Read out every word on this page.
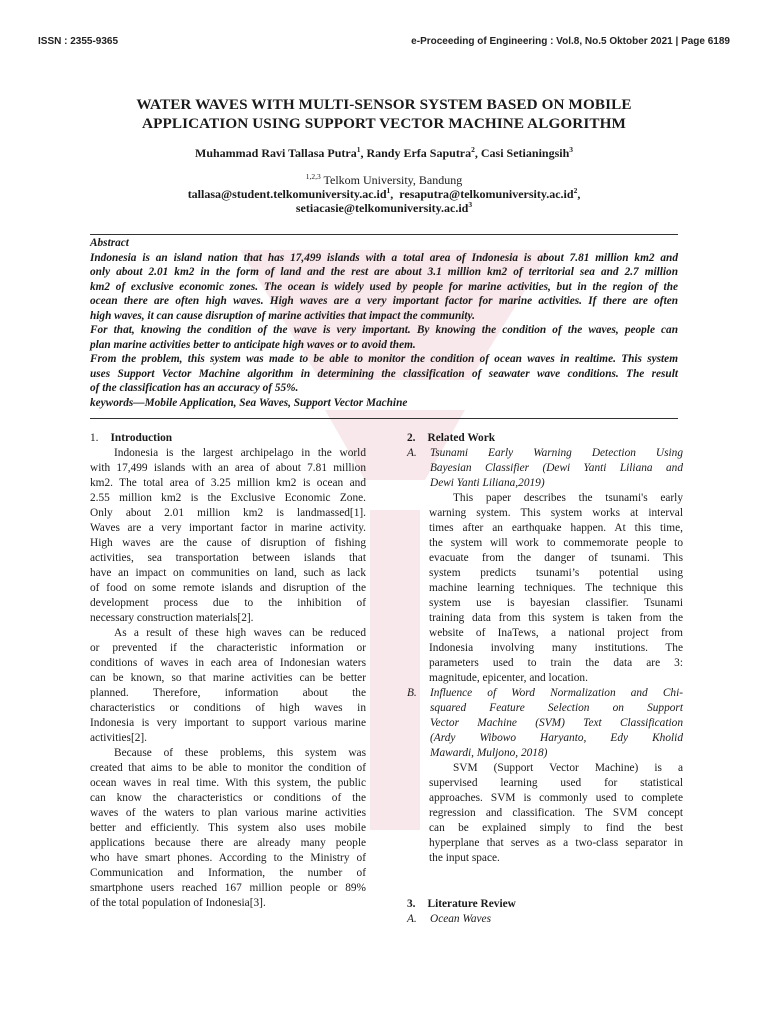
ISSN : 2355-9365	e-Proceeding of Engineering : Vol.8, No.5 Oktober 2021 | Page 6189
WATER WAVES WITH MULTI-SENSOR SYSTEM BASED ON MOBILE
APPLICATION USING SUPPORT VECTOR MACHINE ALGORITHM
Muhammad Ravi Tallasa Putra$^1$, Randy Erfa Saputra$^2$, Casi Setianingsih$^3$
$^{1,2,3}$ Telkom University, Bandung
$tallasa@student.telkomuniversity.ac.id^1$,  $resaputra@telkomuniversity.ac.id^2$,
$setiacasie@telkomuniversity.ac.id^3$
Abstract
Indonesia is an island nation that has 17,499 islands with a total area of Indonesia is about 7.81 million km2 and
only about 2.01 km2 in the form of land and the rest are about 3.1 million km2 of territorial sea and 2.7 million
km2 of exclusive economic zones. The ocean is widely used by people for marine activities, but in the region of the
ocean there are often high waves. High waves are a very important factor for marine activities. If there are often
high waves, it can cause disruption of marine activities that impact the community.
For that, knowing the condition of the wave is very important. By knowing the condition of the waves, people can
plan marine activities better to anticipate high waves or to avoid them.
From the problem, this system was made to be able to monitor the condition of ocean waves in realtime. This system
uses Support Vector Machine algorithm in determining the classification of seawater wave conditions. The result
of the classification has an accuracy of 55%.
keywords—Mobile Application, Sea Waves, Support Vector Machine
1. Introduction
Indonesia is the largest archipelago in the world
with 17,499 islands with an area of about 7.81 million
km2. The total area of 3.25 million km2 is ocean and
2.55 million km2 is the Exclusive Economic Zone.
Only about 2.01 million km2 is landmassed[1].
Waves are a very important factor in marine activity.
High waves are the cause of disruption of fishing
activities, sea transportation between islands that
have an impact on communities on land, such as lack
of food on some remote islands and disruption of the
development process due to the inhibition of
necessary construction materials[2].
As a result of these high waves can be reduced
or prevented if the characteristic information or
conditions of waves in each area of Indonesian waters
can be known, so that marine activities can be better
planned. Therefore, information about the
characteristics or conditions of high waves in
Indonesia is very important to support various marine
activities[2].
Because of these problems, this system was
created that aims to be able to monitor the condition of
ocean waves in real time. With this system, the public
can know the characteristics or conditions of the
waves of the waters to plan various marine activities
better and efficiently. This system also uses mobile
applications because there are already many people
who have smart phones. According to the Ministry of
Communication and Information, the number of
smartphone users reached 167 million people or 89%
of the total population of Indonesia[3].
2. Related Work
A.	Tsunami Early Warning Detection Using
Bayesian Classifier (Dewi Yanti Liliana and
Dewi Yanti Liliana,2019)
This paper describes the tsunami's early
warning system. This system works at interval
times after an earthquake happen. At this time,
the system will work to commemorate people to
evacuate from the danger of tsunami. This
system predicts tsunami’s potential using
machine learning techniques. The technique this
system use is bayesian classifier. Tsunami
training data from this system is taken from the
website of InaTews, a national project from
Indonesia involving many institutions. The
parameters used to train the data are 3:
magnitude, epicenter, and location.
B.	Influence of Word Normalization and Chi-
squared Feature Selection on Support
Vector Machine (SVM) Text Classification
(Ardy Wibowo Haryanto, Edy Kholid
Mawardi, Muljono, 2018)
SVM (Support Vector Machine) is a
supervised learning used for statistical
approaches. SVM is commonly used to complete
regression and classification. The SVM concept
can be explained simply to find the best
hyperplane that serves as a two-class separator in
the input space.
3. Literature Review
A.	Ocean Waves
